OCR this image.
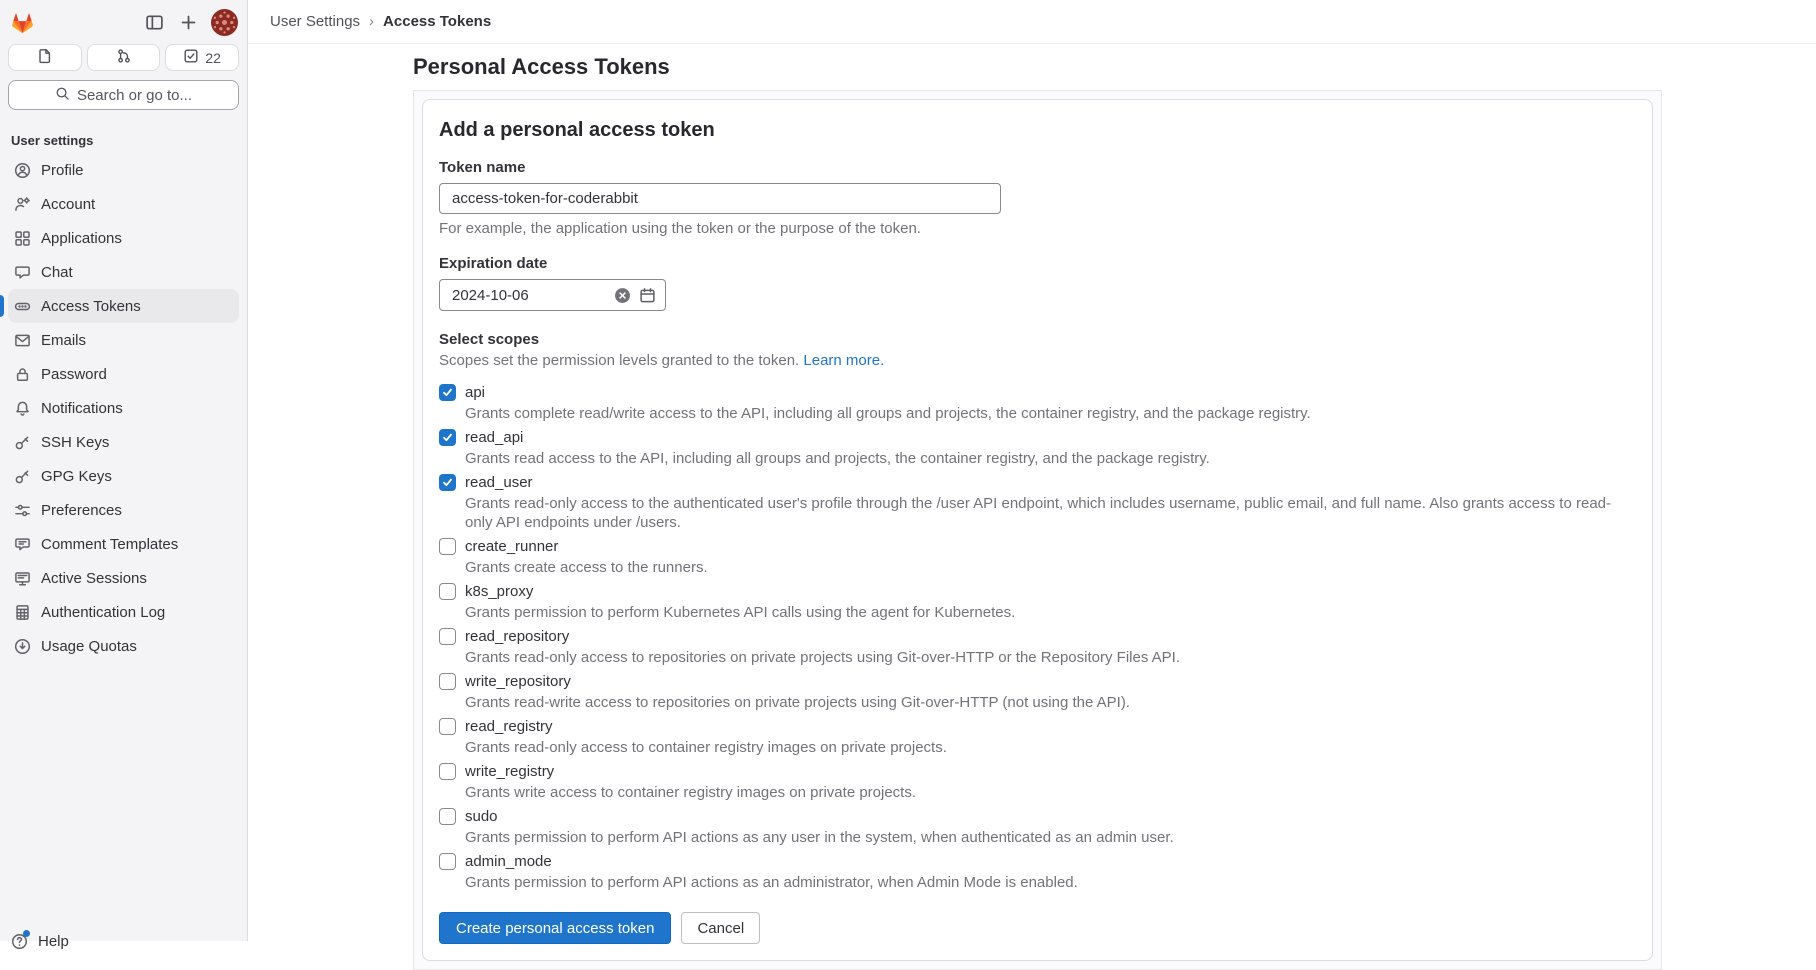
22
Search or go to...
User settings
Profile
Account
Applications
Chat
Access Tokens
Emails
Password
Notifications
SSH Keys
GPG Keys
Preferences
Comment Templates
Active Sessions
Authentication Log
Usage Quotas
Help
User Settings › Access Tokens
Personal Access Tokens
Add a personal access token
Token name
access-token-for-coderabbit

For example, the application using the token or the purpose of the token.

Expiration date
2024-10-06
Select scopes

Scopes set the permission levels granted to the token. Learn more.

api
Grants complete read/write access to the API, including all groups and projects, the container registry, and the package registry.
read_api
Grants read access to the API, including all groups and projects, the container registry, and the package registry.
read_user
Grants read-only access to the authenticated user's profile through the /user API endpoint, which includes username, public email, and full name. Also grants access to read-only API endpoints under /users.
create_runner
Grants create access to the runners.
k8s_proxy
Grants permission to perform Kubernetes API calls using the agent for Kubernetes.
read_repository
Grants read-only access to repositories on private projects using Git-over-HTTP or the Repository Files API.
write_repository
Grants read-write access to repositories on private projects using Git-over-HTTP (not using the API).
read_registry
Grants read-only access to container registry images on private projects.
write_registry
Grants write access to container registry images on private projects.
sudo
Grants permission to perform API actions as any user in the system, when authenticated as an admin user.
admin_mode
Grants permission to perform API actions as an administrator, when Admin Mode is enabled.
Create personal access token	Cancel
